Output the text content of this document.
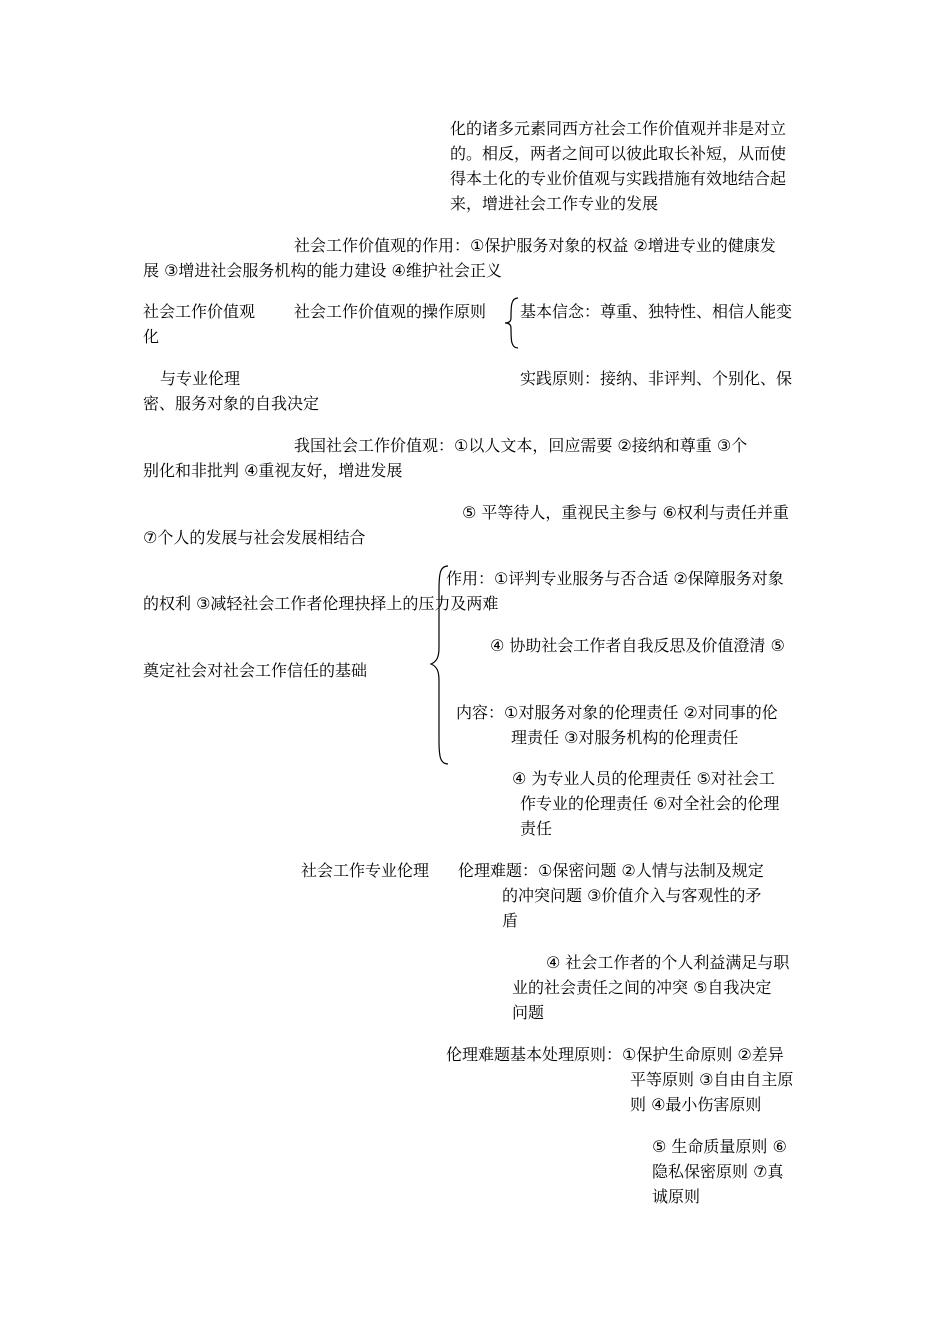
化的诸多元素同西方社会工作价值观并非是对立
的。相反，两者之间可以彼此取长补短，从而使
得本土化的专业价值观与实践措施有效地结合起
来，增进社会工作专业的发展
社会工作价值观的作用：①保护服务对象的权益 ②增进专业的健康发
展 ③增进社会服务机构的能力建设 ④维护社会正义
社会工作价值观
化
与专业伦理
社会工作价值观的操作原则 基本信念：尊重、独特性、相信人能变
实践原则：接纳、非评判、个别化、保
密、服务对象的自我决定
我国社会工作价值观：①以人文本，回应需要 ②接纳和尊重 ③个
别化和非批判 ④重视友好，增进发展
⑤ 平等待人，重视民主参与 ⑥权利与责任并重
⑦个人的发展与社会发展相结合
作用：①评判专业服务与否合适 ②保障服务对象
的权利 ③减轻社会工作者伦理抉择上的压力及两难
④ 协助社会工作者自我反思及价值澄清 ⑤
奠定社会对社会工作信任的基础
内容：①对服务对象的伦理责任 ②对同事的伦
理责任 ③对服务机构的伦理责任
④ 为专业人员的伦理责任 ⑤对社会工
作专业的伦理责任 ⑥对全社会的伦理
责任
社会工作专业伦理 伦理难题：①保密问题 ②人情与法制及规定
的冲突问题 ③价值介入与客观性的矛
盾
④ 社会工作者的个人利益满足与职
业的社会责任之间的冲突 ⑤自我决定
问题
伦理难题基本处理原则：①保护生命原则 ②差异
平等原则 ③自由自主原
则 ④最小伤害原则
⑤ 生命质量原则 ⑥
隐私保密原则 ⑦真
诚原则
